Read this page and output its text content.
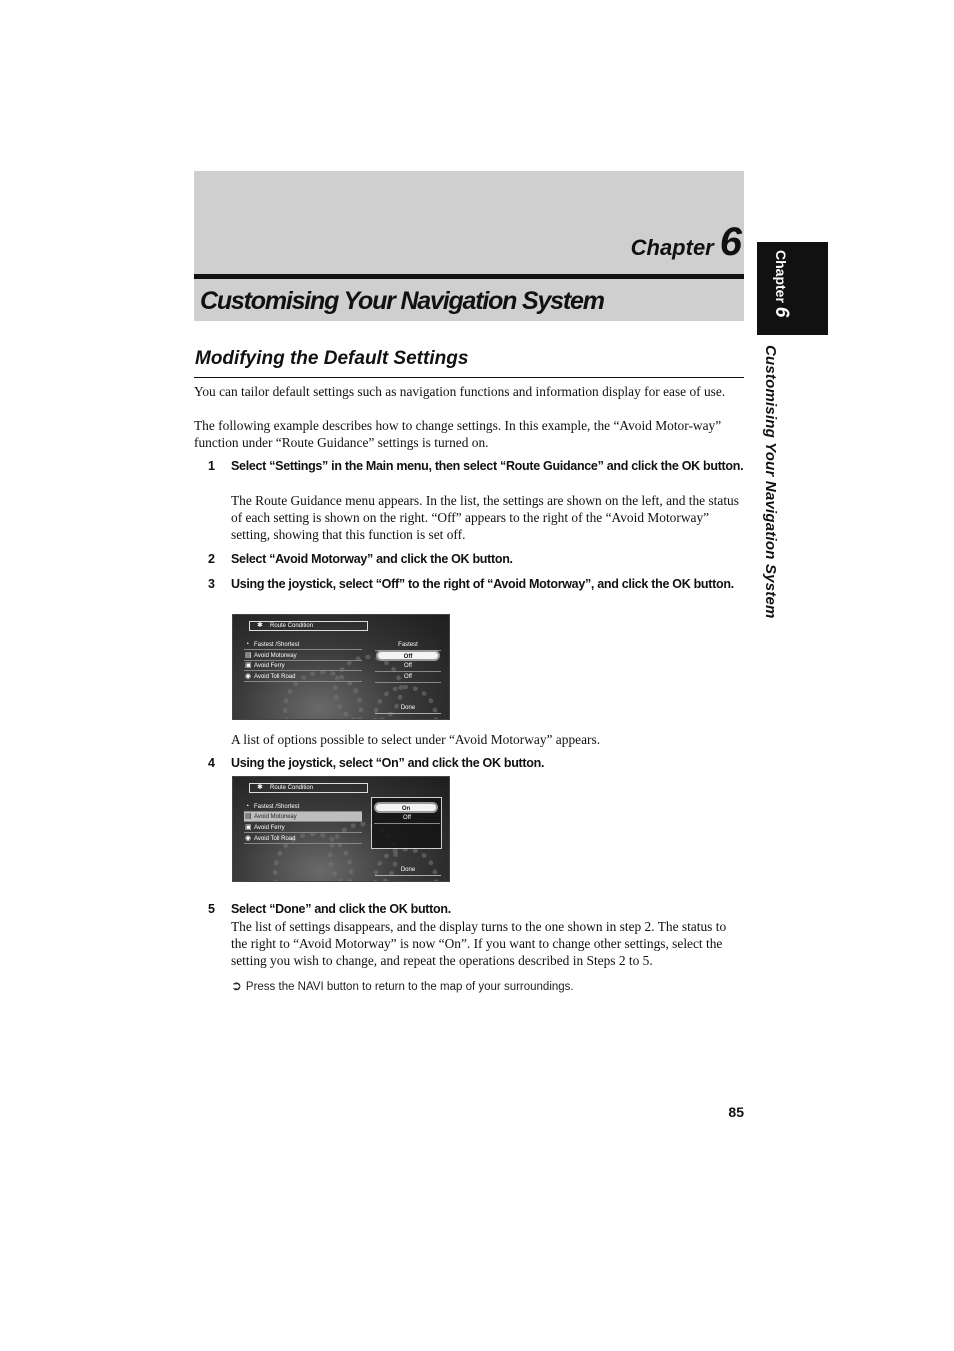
Chapter 6
Customising Your Navigation System	Chapter 6
Customising Your Navigation System
Modifying the Default Settings

You can tailor default settings such as navigation functions and information display for ease of use.

The following example describes how to change settings. In this example, the “Avoid Motor-way” function under “Route Guidance” settings is turned on.

1 Select “Settings” in the Main menu, then select “Route Guidance” and click the OK button.

The Route Guidance menu appears. In the list, the settings are shown on the left, and the status of each setting is shown on the right. “Off” appears to the right of the “Avoid Motorway” setting, showing that this function is set off.

2 Select “Avoid Motorway” and click the OK button.

3 Using the joystick, select “Off” to the right of “Avoid Motorway”, and click the OK button.

✱ Route Condition
◔ Fastest /Shortest
▤ Avoid Motorway
▣ Avoid Ferry
◉ Avoid Toll Road
Fastest
Off
Off
Off
Done

A list of options possible to select under “Avoid Motorway” appears.

4 Using the joystick, select “On” and click the OK button.

✱ Route Condition
◔ Fastest /Shortest
▤ Avoid Motorway
▣ Avoid Ferry
◉ Avoid Toll Road
On
Off
Done
5 Select “Done” and click the OK button.

The list of settings disappears, and the display turns to the one shown in step 2. The status to the right to “Avoid Motorway” is now “On”. If you want to change other settings, select the setting you wish to change, and repeat the operations described in Steps 2 to 5.

➲ Press the NAVI button to return to the map of your surroundings.
85
